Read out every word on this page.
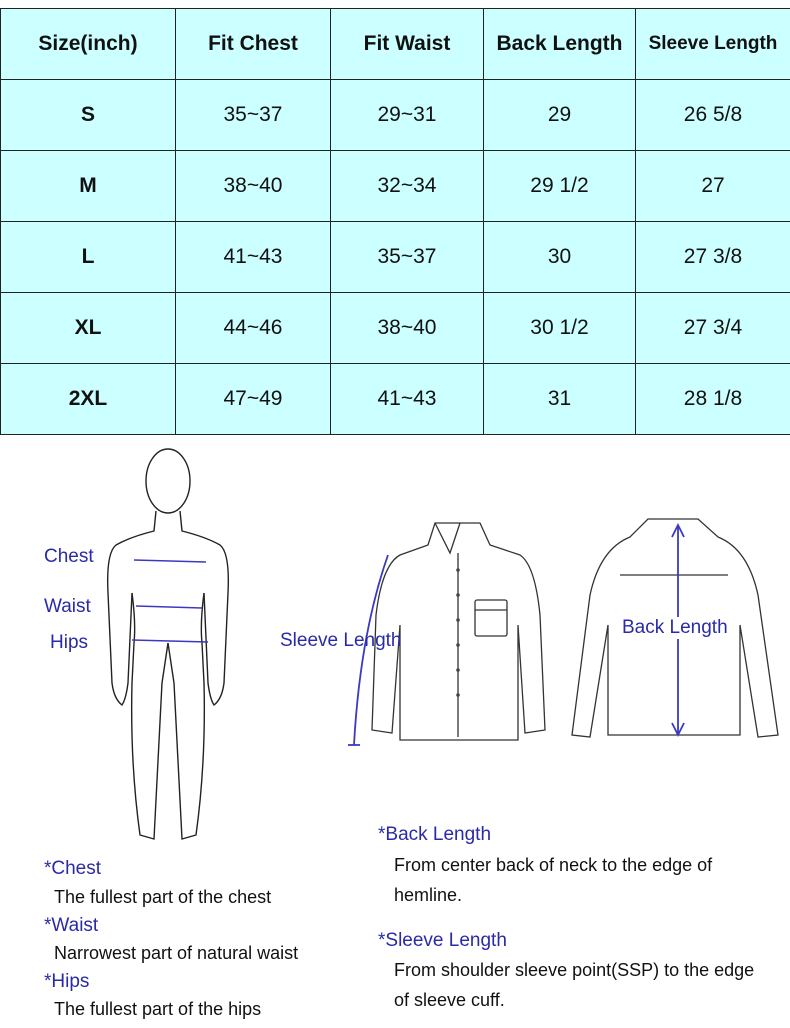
Size(inch)	Fit Chest	Fit Waist	Back Length	Sleeve Length
S	35~37	29~31	29	26 5/8
M	38~40	32~34	29 1/2	27
L	41~43	35~37	30	27 3/8
XL	44~46	38~40	30 1/2	27 3/4
2XL	47~49	41~43	31	28 1/8
Chest
Waist
Hips	Sleeve Length
Back Length
*Chest
The fullest part of the chest
*Waist
Narrowest part of natural waist
*Hips
The fullest part of the hips
*Back Length
From center back of neck to the edge of
hemline.
*Sleeve Length
From shoulder sleeve point(SSP) to the edge
of sleeve cuff.
